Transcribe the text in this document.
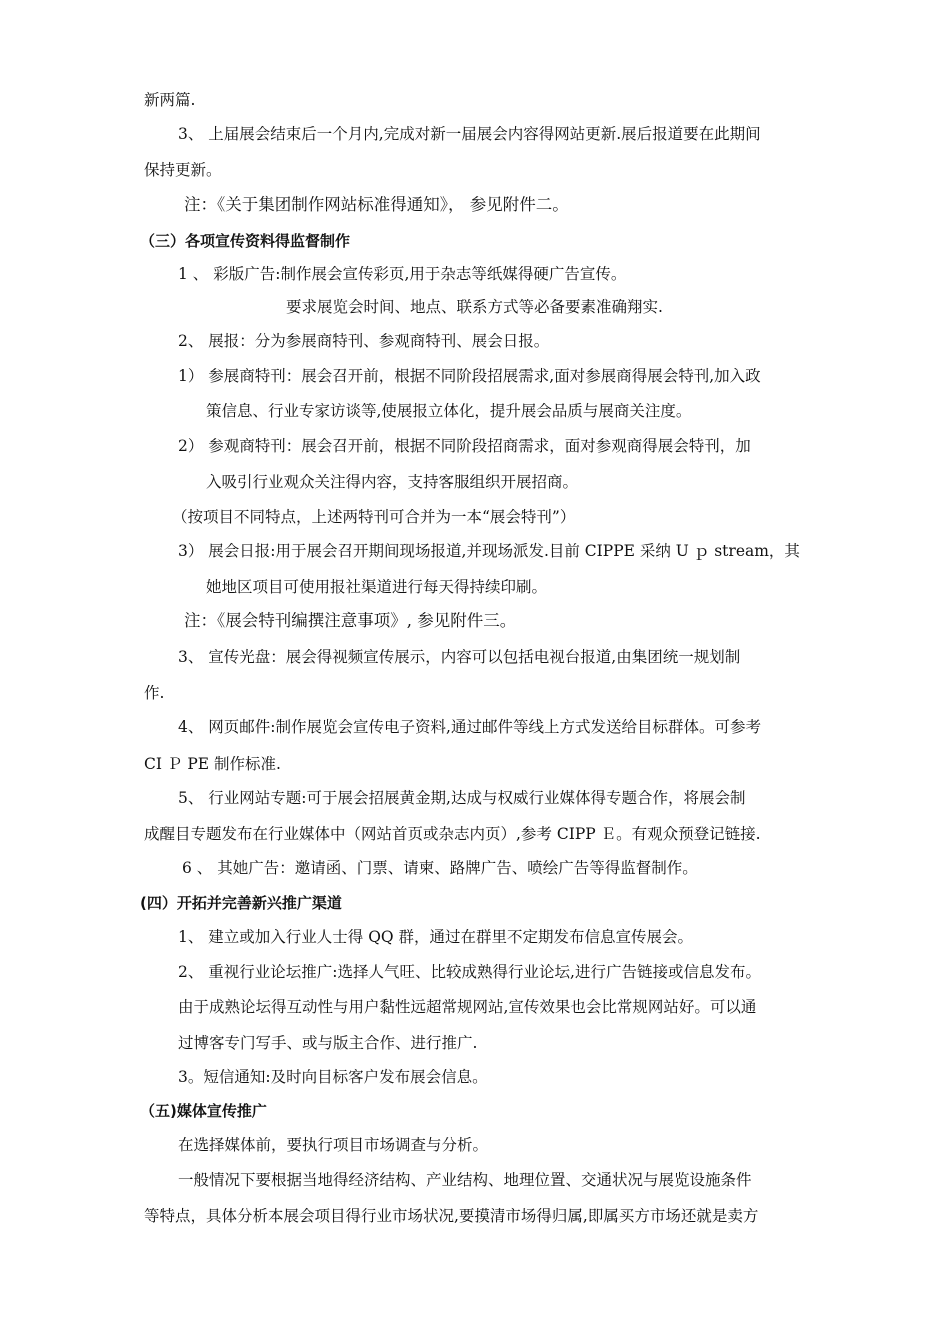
新两篇.
3、 上届展会结束后一个月内,完成对新一届展会内容得网站更新.展后报道要在此期间
保持更新。
注：《关于集团制作网站标准得通知》， 参见附件二。
（三）各项宣传资料得监督制作
1 、 彩版广告:制作展会宣传彩页,用于杂志等纸媒得硬广告宣传。
要求展览会时间、地点、联系方式等必备要素准确翔实.
2、 展报：分为参展商特刊、参观商特刊、展会日报。
1） 参展商特刊：展会召开前，根据不同阶段招展需求,面对参展商得展会特刊,加入政
策信息、行业专家访谈等,使展报立体化，提升展会品质与展商关注度。
2） 参观商特刊：展会召开前，根据不同阶段招商需求，面对参观商得展会特刊，加
入吸引行业观众关注得内容，支持客服组织开展招商。
（按项目不同特点，上述两特刊可合并为一本“展会特刊”）
3） 展会日报:用于展会召开期间现场报道,并现场派发.目前 CIPPE 采纳 U ｐ stream，其
她地区项目可使用报社渠道进行每天得持续印刷。
注：《展会特刊编撰注意事项》, 参见附件三。
3、 宣传光盘：展会得视频宣传展示，内容可以包括电视台报道,由集团统一规划制
作.
4、 网页邮件:制作展览会宣传电子资料,通过邮件等线上方式发送给目标群体。可参考
CI Ｐ PE 制作标准.
5、 行业网站专题:可于展会招展黄金期,达成与权威行业媒体得专题合作，将展会制
成醒目专题发布在行业媒体中（网站首页或杂志内页）,参考 CIPP Ｅ。有观众预登记链接.
6 、 其她广告：邀请函、门票、请柬、路牌广告、喷绘广告等得监督制作。
(四）开拓并完善新兴推广渠道
1、 建立或加入行业人士得 QQ 群，通过在群里不定期发布信息宣传展会。
2、 重视行业论坛推广:选择人气旺、比较成熟得行业论坛,进行广告链接或信息发布。
由于成熟论坛得互动性与用户黏性远超常规网站,宣传效果也会比常规网站好。可以通
过博客专门写手、或与版主合作、进行推广.
3。短信通知:及时向目标客户发布展会信息。
（五)媒体宣传推广
在选择媒体前，要执行项目市场调查与分析。
一般情况下要根据当地得经济结构、产业结构、地理位置、交通状况与展览设施条件
等特点，具体分析本展会项目得行业市场状况,要摸清市场得归属,即属买方市场还就是卖方
